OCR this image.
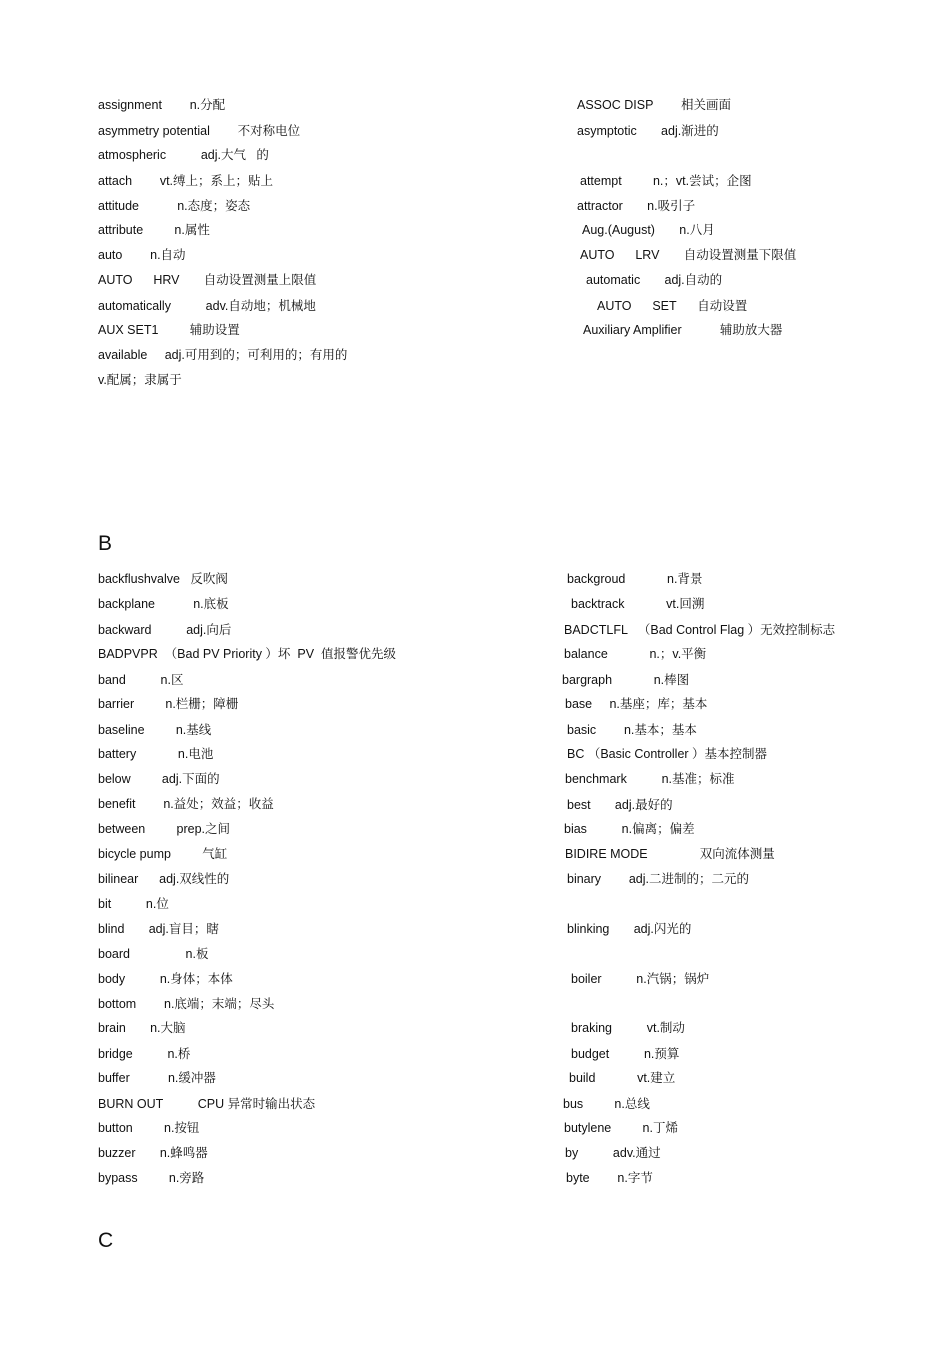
assignment        n.分配
asymmetry potential        不对称电位
atmospheric          adj.大气   的
attach        vt.缚上；系上；贴上
attitude           n.态度；姿态
attribute         n.属性
auto        n.自动
AUTO      HRV       自动设置测量上限值
automatically          adv.自动地；机械地
AUX SET1         辅助设置
available     adj.可用到的；可利用的；有用的
v.配属；隶属于
ASSOC DISP        相关画面
asymptotic       adj.渐进的
attempt         n.；vt.尝试；企图
attractor       n.吸引子
Aug.(August)       n.八月
AUTO      LRV       自动设置测量下限值
automatic       adj.自动的
AUTO      SET      自动设置
Auxiliary Amplifier           辅助放大器
B
backflushvalve   反吹阀
backplane           n.底板
backward          adj.向后
BADPVPR  （Bad PV Priority ）坏  PV  值报警优先级
band          n.区
barrier         n.栏栅；障栅
baseline         n.基线
battery            n.电池
below         adj.下面的
benefit        n.益处；效益；收益
between         prep.之间
bicycle pump         气缸
bilinear      adj.双线性的
bit          n.位
blind       adj.盲目；瞎
board                n.板
body          n.身体；本体
bottom        n.底端；末端；尽头
brain       n.大脑
bridge          n.桥
buffer           n.缓冲器
BURN OUT          CPU 异常时输出状态
button         n.按钮
buzzer       n.蜂鸣器
bypass         n.旁路
backgroud            n.背景
backtrack            vt.回溯
BADCTLFL   （Bad Control Flag ）无效控制标志
balance            n.；v.平衡
bargraph            n.棒图
base     n.基座；库；基本
basic        n.基本；基本
BC （Basic Controller ）基本控制器
benchmark          n.基准；标准
best       adj.最好的
bias          n.偏离；偏差
BIDIRE MODE               双向流体测量
binary        adj.二进制的；二元的
blinking       adj.闪光的
boiler          n.汽锅；锅炉
braking          vt.制动
budget          n.预算
build            vt.建立
bus         n.总线
butylene         n.丁烯
by          adv.通过
byte        n.字节
C
